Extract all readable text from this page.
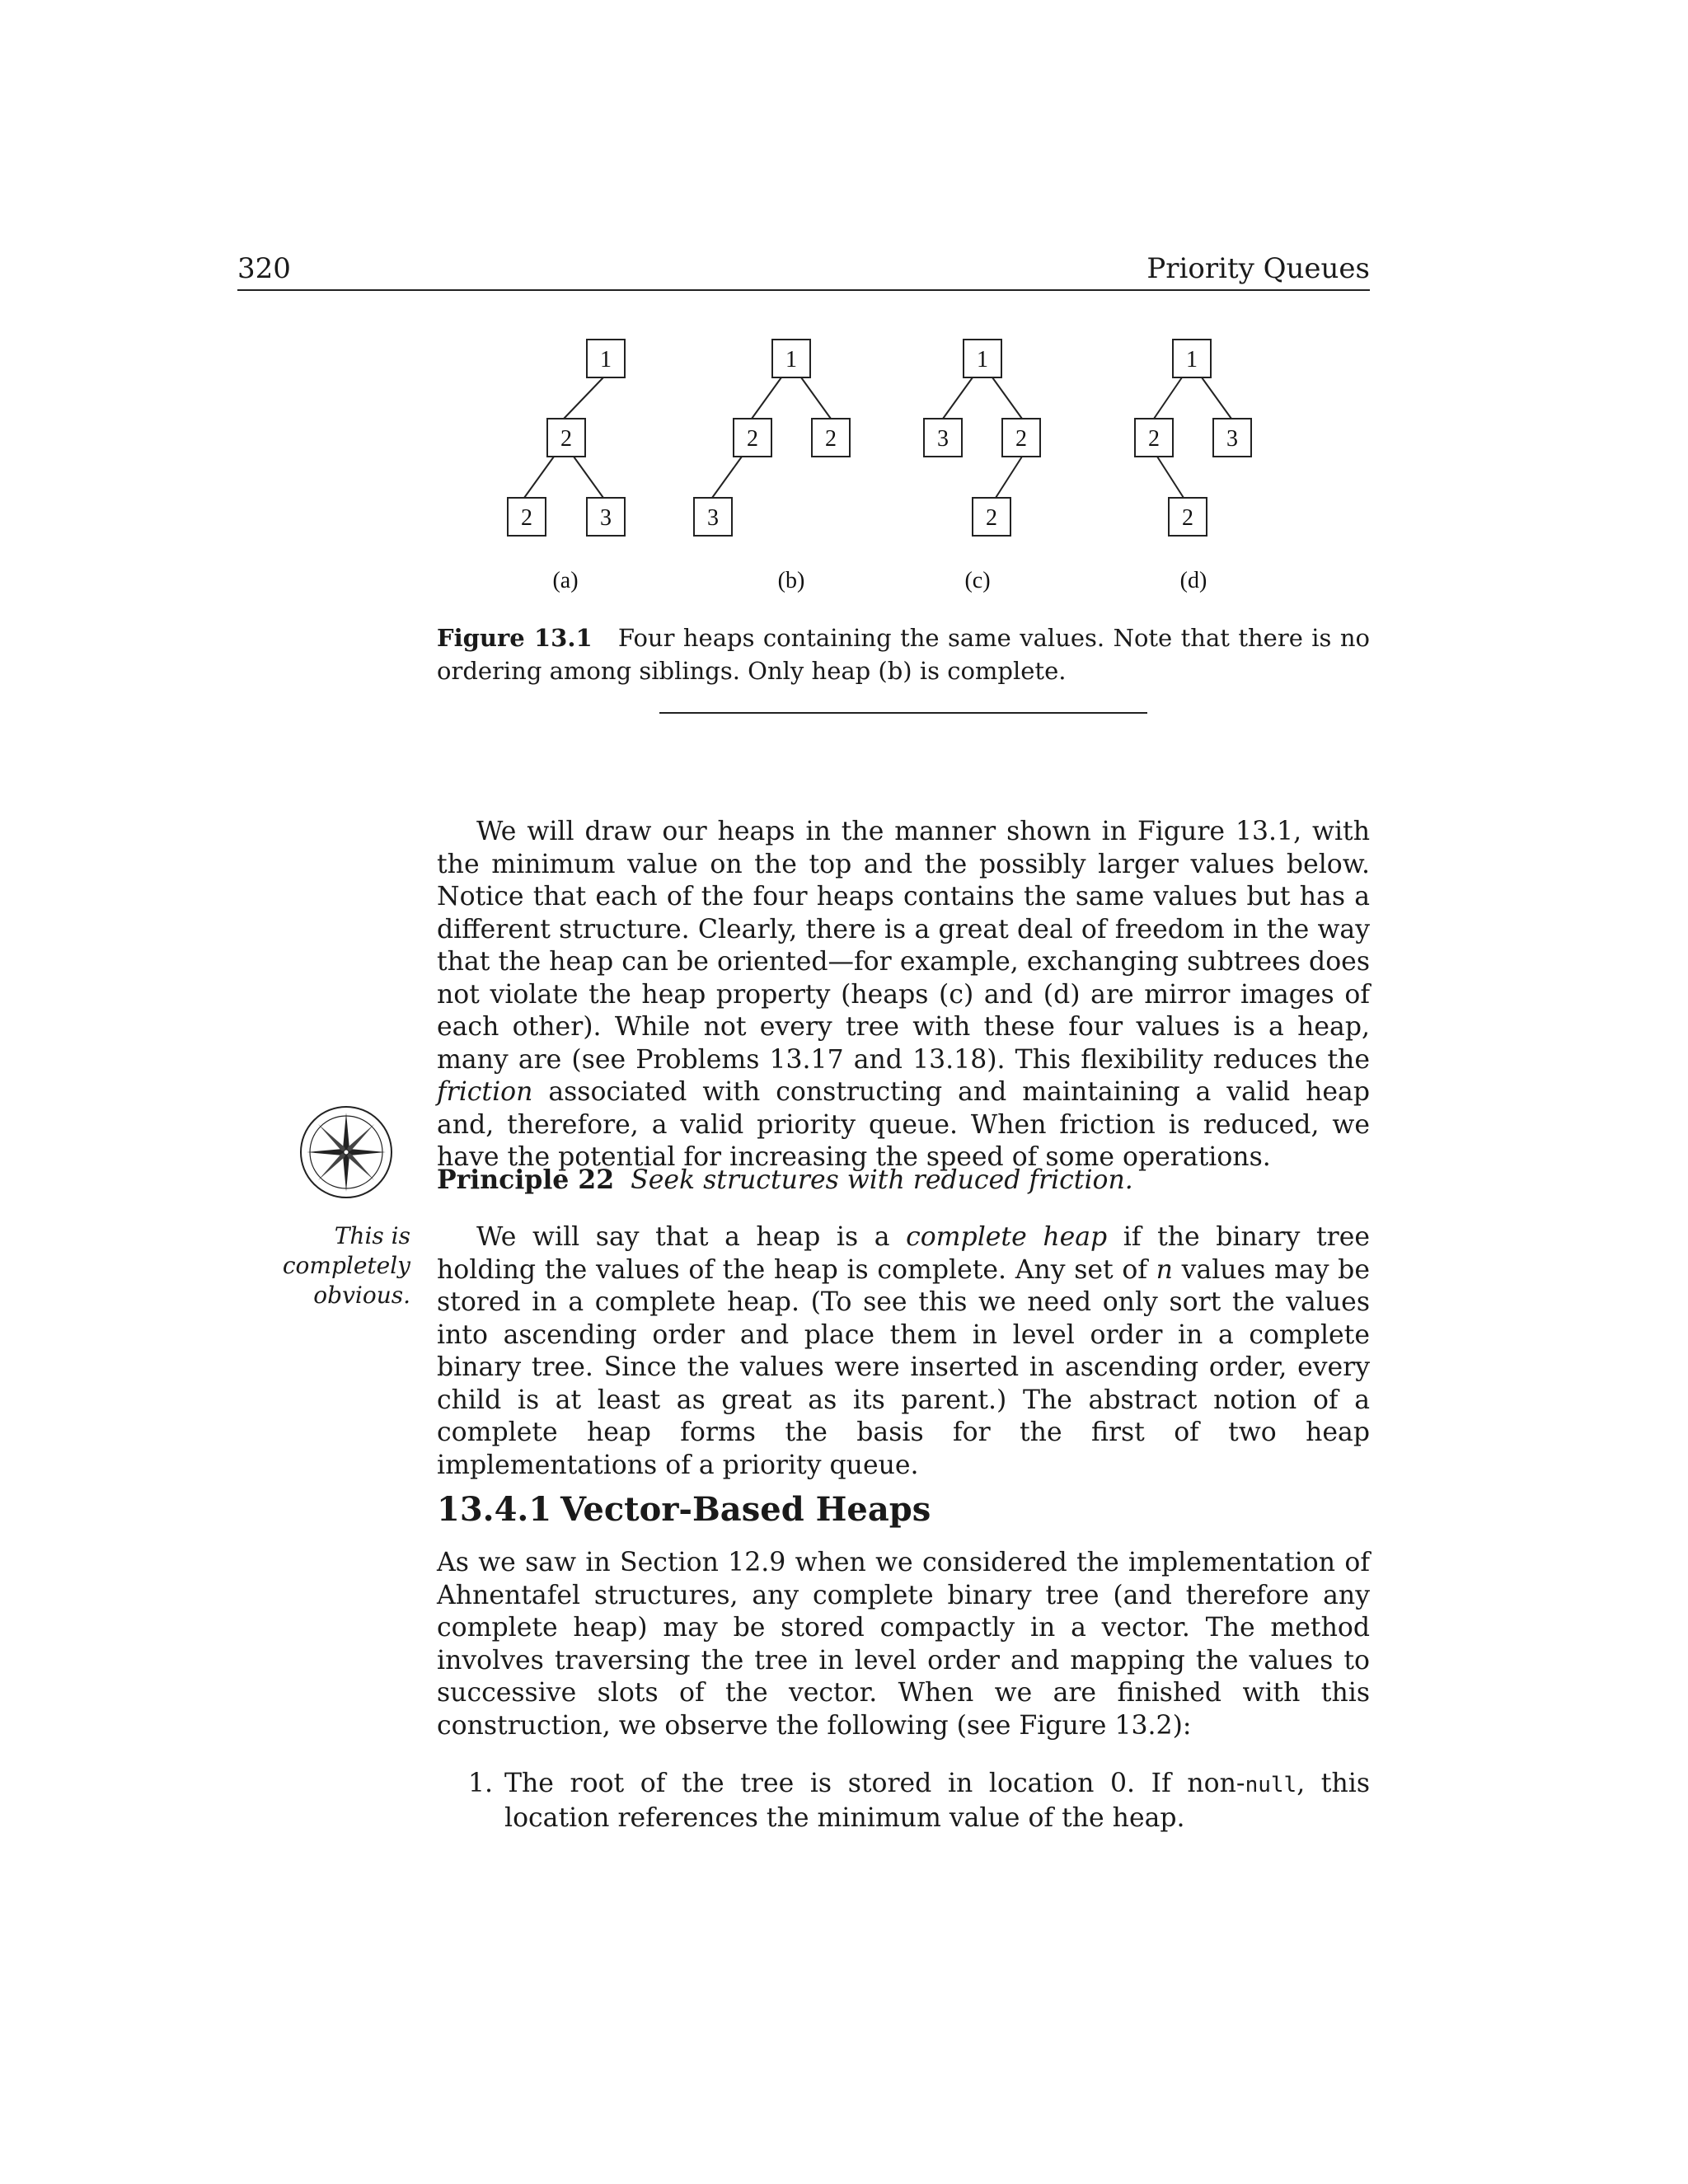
320	Priority Queues
1
2
2	3
(a)
1
2	2
3
(b)
1
3	2
2
(c)
1
2	3
2
(d)
Figure 13.1 Four heaps containing the same values. Note that there is no ordering among siblings. Only heap (b) is complete.
We will draw our heaps in the manner shown in Figure 13.1, with the minimum value on the top and the possibly larger values below. Notice that each of the four heaps contains the same values but has a different structure. Clearly, there is a great deal of freedom in the way that the heap can be oriented—for example, exchanging subtrees does not violate the heap property (heaps (c) and (d) are mirror images of each other). While not every tree with these four values is a heap, many are (see Problems 13.17 and 13.18). This flexibility reduces the friction associated with constructing and maintaining a valid heap and, therefore, a valid priority queue. When friction is reduced, we have the potential for increasing the speed of some operations.
Principle 22 Seek structures with reduced friction.
This is completely obvious.
We will say that a heap is a complete heap if the binary tree holding the values of the heap is complete. Any set of n values may be stored in a complete heap. (To see this we need only sort the values into ascending order and place them in level order in a complete binary tree. Since the values were inserted in ascending order, every child is at least as great as its parent.) The abstract notion of a complete heap forms the basis for the first of two heap implementations of a priority queue.
13.4.1 Vector-Based Heaps
As we saw in Section 12.9 when we considered the implementation of Ahnentafel structures, any complete binary tree (and therefore any complete heap) may be stored compactly in a vector. The method involves traversing the tree in level order and mapping the values to successive slots of the vector. When we are finished with this construction, we observe the following (see Figure 13.2):
1. The root of the tree is stored in location 0. If non-null, this location references the minimum value of the heap.
